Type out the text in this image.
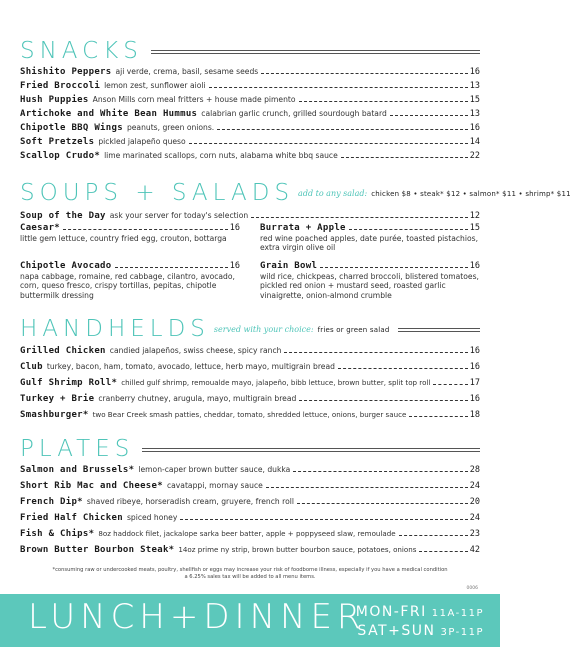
SNACKS
Shishito Peppers aji verde, crema, basil, sesame seeds	16
Fried Broccoli lemon zest, sunflower aioli	13
Hush Puppies Anson Mills corn meal fritters + house made pimento	15
Artichoke and White Bean Hummus calabrian garlic crunch, grilled sourdough batard	13
Chipotle BBQ Wings peanuts, green onions.	16
Soft Pretzels pickled jalapeño queso	14
Scallop Crudo* lime marinated scallops, corn nuts, alabama white bbq sauce	22
SOUPS + SALADS add to any salad: chicken $8 • steak* $12 • salmon* $11 • shrimp* $11
Soup of the Day ask your server for today's selection	12
Caesar*	16
little gem lettuce, country fried egg, crouton, bottarga
Chipotle Avocado	16
napa cabbage, romaine, red cabbage, cilantro, avocado, corn, queso fresco, crispy tortillas, pepitas, chipotle buttermilk dressing
Burrata + Apple	15
red wine poached apples, date purée, toasted pistachios, extra virgin olive oil
Grain Bowl	16
wild rice, chickpeas, charred broccoli, blistered tomatoes, pickled red onion + mustard seed, roasted garlic vinaigrette, onion-almond crumble
HANDHELDS served with your choice: fries or green salad
Grilled Chicken candied jalapeños, swiss cheese, spicy ranch	16
Club turkey, bacon, ham, tomato, avocado, lettuce, herb mayo, multigrain bread	16
Gulf Shrimp Roll* chilled gulf shrimp, remoualde mayo, jalapeño, bibb lettuce, brown butter, split top roll	17
Turkey + Brie cranberry chutney, arugula, mayo, multigrain bread	16
Smashburger* two Bear Creek smash patties, cheddar, tomato, shredded lettuce, onions, burger sauce	18
PLATES
Salmon and Brussels* lemon-caper brown butter sauce, dukka	28
Short Rib Mac and Cheese* cavatappi, mornay sauce	24
French Dip* shaved ribeye, horseradish cream, gruyere, french roll	20
Fried Half Chicken spiced honey	24
Fish & Chips* 8oz haddock filet, jackalope sarka beer batter, apple + poppyseed slaw, remoulade	23
Brown Butter Bourbon Steak* 14oz prime ny strip, brown butter bourbon sauce, potatoes, onions	42
*consuming raw or undercooked meats, poultry, shellfish or eggs may increase your risk of foodborne illness, especially if you have a medical condition
a 6.25% sales tax will be added to all menu items.
0006
LUNCH+DINNER
MON-FRI 11A-11P
SAT+SUN 3P-11P
